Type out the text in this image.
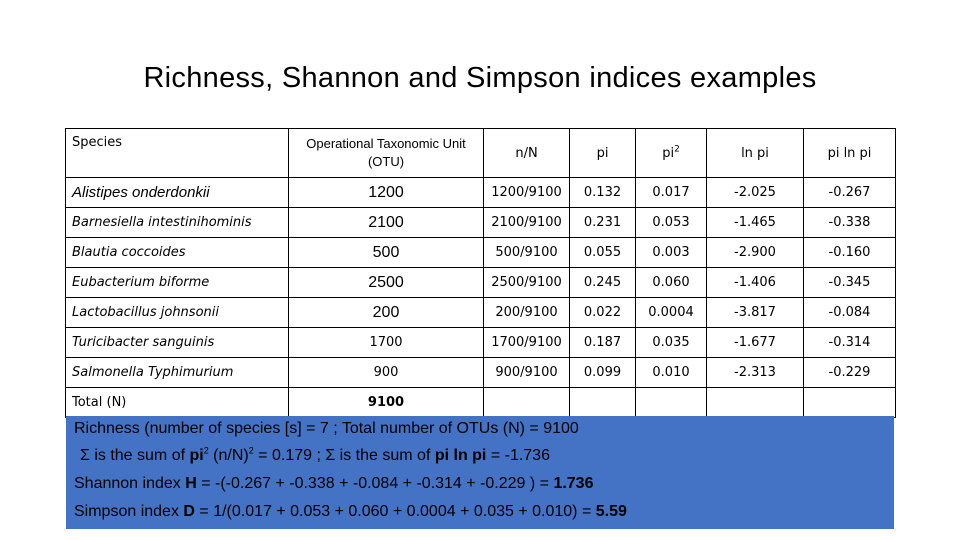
Richness, Shannon and Simpson indices examples
Species	Operational Taxonomic Unit (OTU)	n/N	pi	$pi^2$	ln pi	pi ln pi
Alistipes onderdonkii	1200	1200/9100	0.132	0.017	-2.025	-0.267
Barnesiella intestinihominis	2100	2100/9100	0.231	0.053	-1.465	-0.338
Blautia coccoides	500	500/9100	0.055	0.003	-2.900	-0.160
Eubacterium biforme	2500	2500/9100	0.245	0.060	-1.406	-0.345
Lactobacillus johnsonii	200	200/9100	0.022	0.0004	-3.817	-0.084
Turicibacter sanguinis	1700	1700/9100	0.187	0.035	-1.677	-0.314
Salmonella Typhimurium	900	900/9100	0.099	0.010	-2.313	-0.229
Total (N)	9100					
Richness (number of species [s] = 7 ; Total number of OTUs (N) = 9100
Σ is the sum of $pi^2$ $(n/N)^2 = 0.179$ ; Σ is the sum of pi ln pi = -1.736
Shannon index H = -(-0.267 + -0.338 + -0.084 + -0.314 + -0.229 ) = 1.736
Simpson index D = 1/(0.017 + 0.053 + 0.060 + 0.0004 + 0.035 + 0.010) = 5.59
